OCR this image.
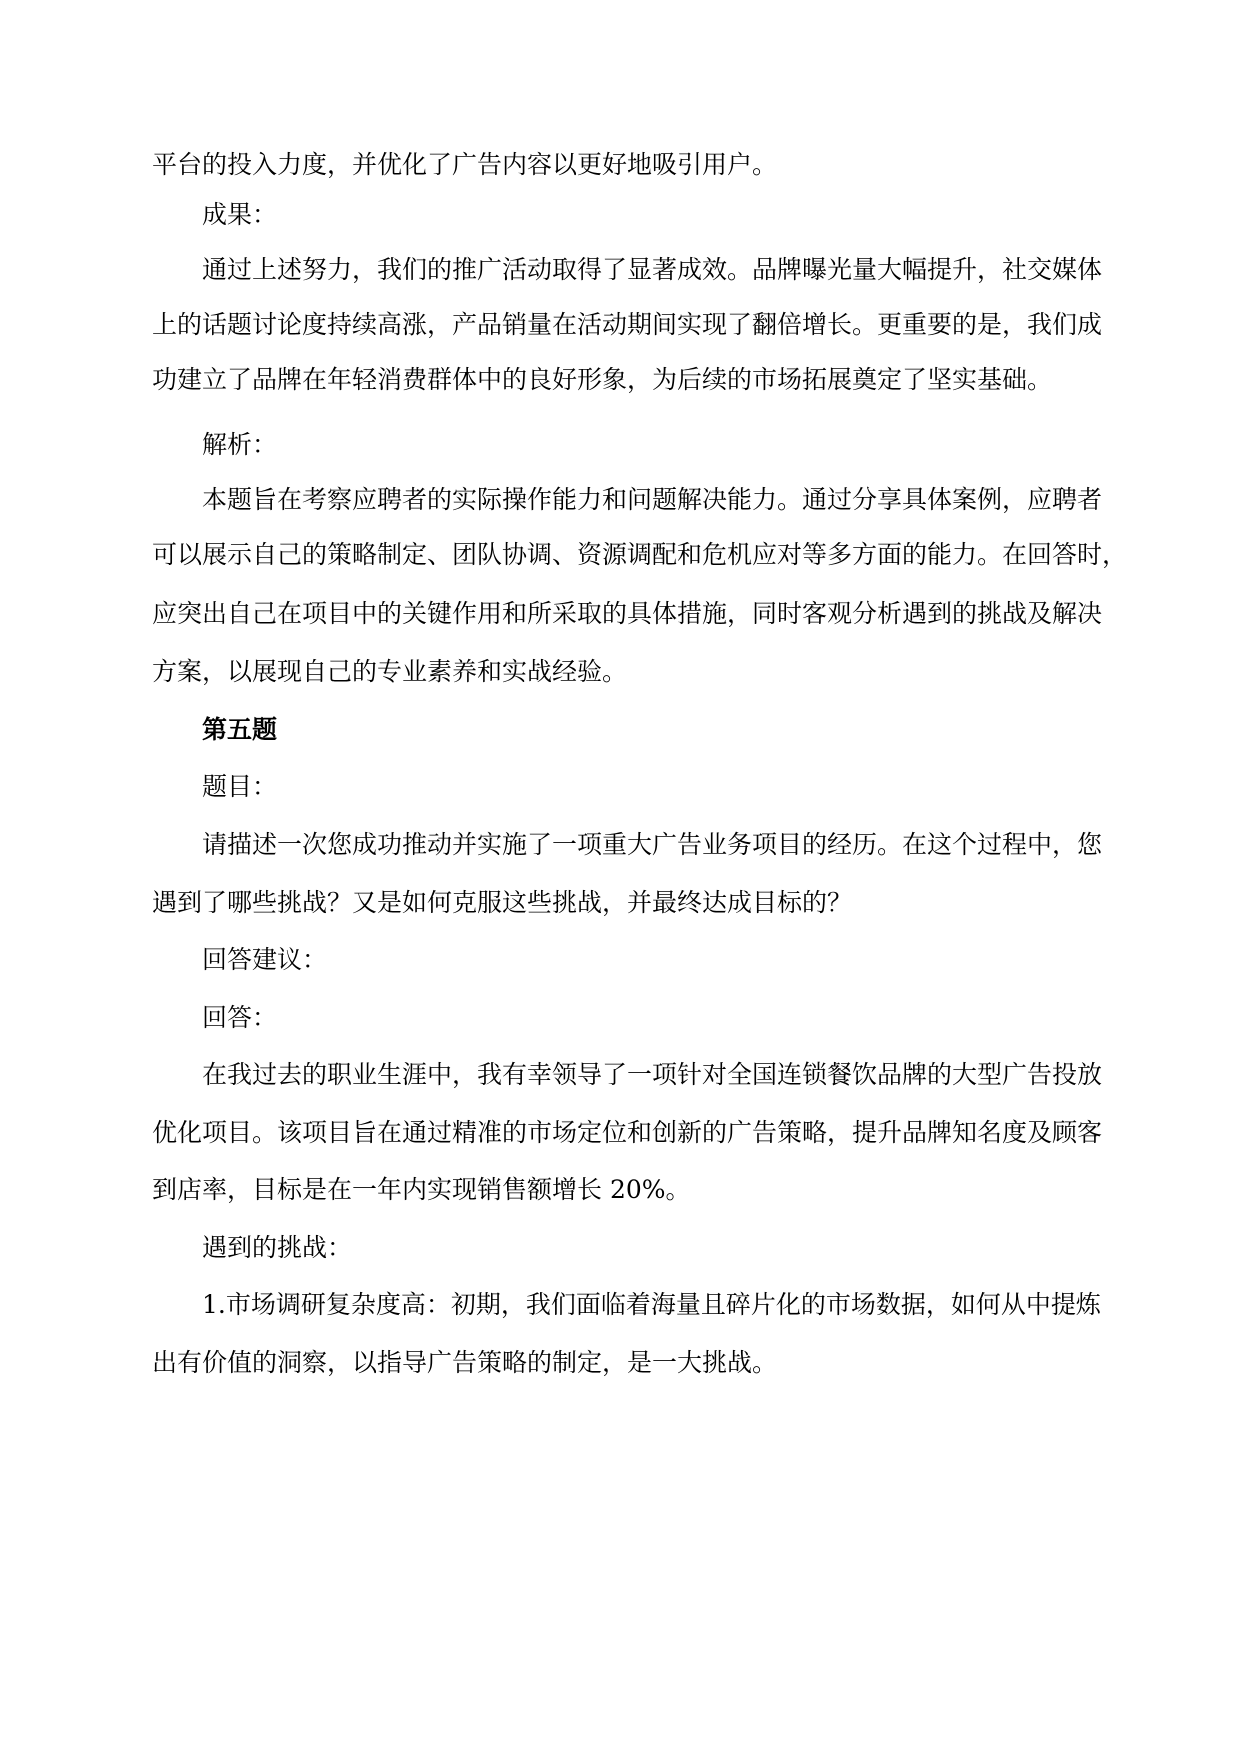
平台的投入力度，并优化了广告内容以更好地吸引用户。
成果：
通过上述努力，我们的推广活动取得了显著成效。品牌曝光量大幅提升，社交媒体
上的话题讨论度持续高涨，产品销量在活动期间实现了翻倍增长。更重要的是，我们成
功建立了品牌在年轻消费群体中的良好形象，为后续的市场拓展奠定了坚实基础。
解析：
本题旨在考察应聘者的实际操作能力和问题解决能力。通过分享具体案例，应聘者
可以展示自己的策略制定、团队协调、资源调配和危机应对等多方面的能力。在回答时，
应突出自己在项目中的关键作用和所采取的具体措施，同时客观分析遇到的挑战及解决
方案，以展现自己的专业素养和实战经验。
第五题
题目：
请描述一次您成功推动并实施了一项重大广告业务项目的经历。在这个过程中，您
遇到了哪些挑战？又是如何克服这些挑战，并最终达成目标的？
回答建议：
回答：
在我过去的职业生涯中，我有幸领导了一项针对全国连锁餐饮品牌的大型广告投放
优化项目。该项目旨在通过精准的市场定位和创新的广告策略，提升品牌知名度及顾客
到店率，目标是在一年内实现销售额增长 20%。
遇到的挑战：
1.市场调研复杂度高：初期，我们面临着海量且碎片化的市场数据，如何从中提炼
出有价值的洞察，以指导广告策略的制定，是一大挑战。
